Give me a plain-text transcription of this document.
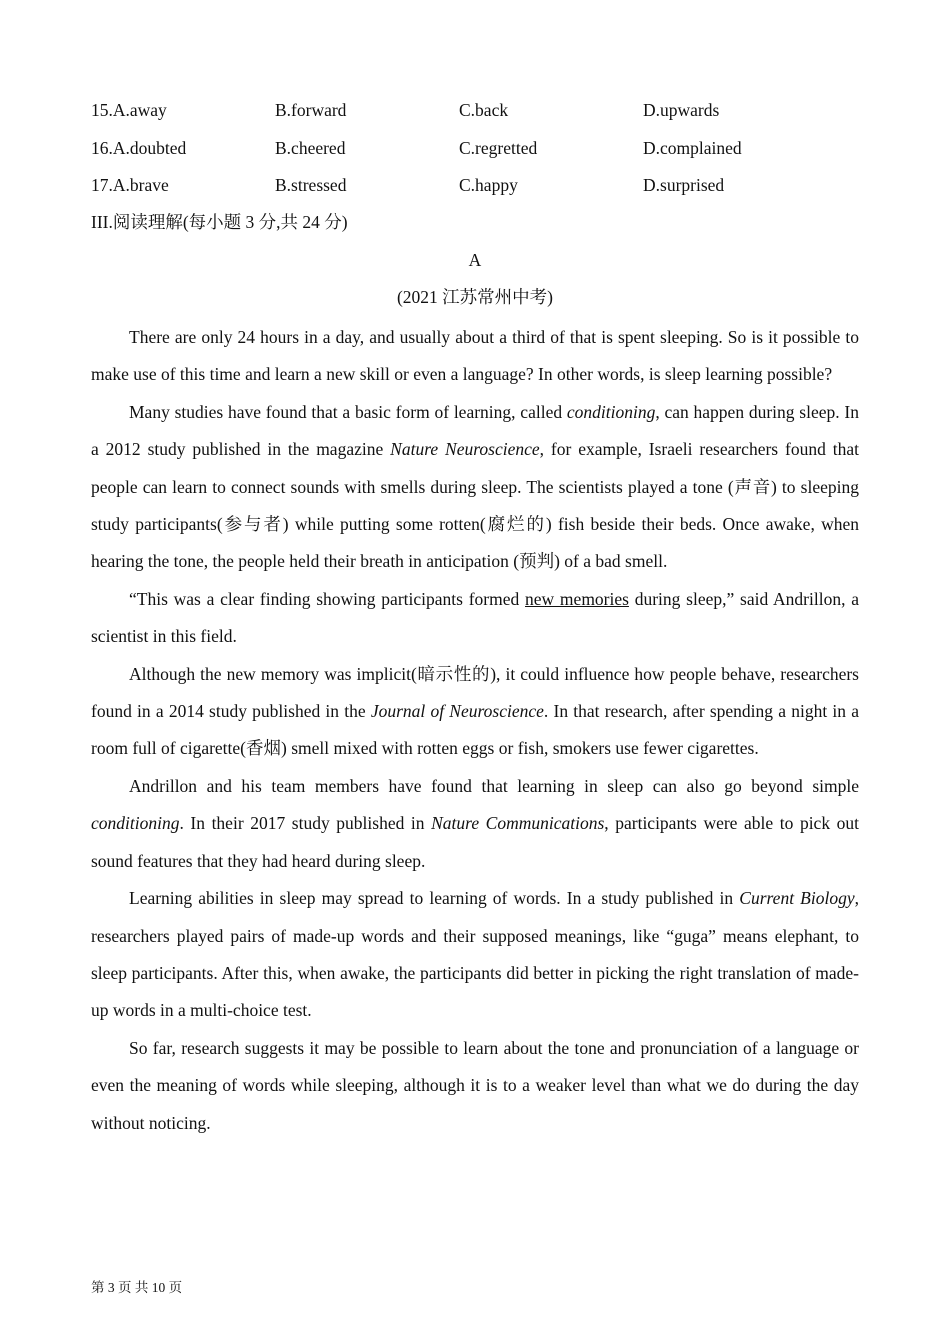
15.A.away	B.forward	C.back	D.upwards
16.A.doubted	B.cheered	C.regretted	D.complained
17.A.brave	B.stressed	C.happy	D.surprised
III.阅读理解(每小题 3 分,共 24 分)
A
(2021 江苏常州中考)

There are only 24 hours in a day, and usually about a third of that is spent sleeping. So is it possible to make use of this time and learn a new skill or even a language? In other words, is sleep learning possible?

Many studies have found that a basic form of learning, called conditioning, can happen during sleep. In a 2012 study published in the magazine Nature Neuroscience, for example, Israeli researchers found that people can learn to connect sounds with smells during sleep. The scientists played a tone (声音) to sleeping study participants(参与者) while putting some rotten(腐烂的) fish beside their beds. Once awake, when hearing the tone, the people held their breath in anticipation (预判) of a bad smell.

“This was a clear finding showing participants formed new memories during sleep,” said Andrillon, a scientist in this field.

Although the new memory was implicit(暗示性的), it could influence how people behave, researchers found in a 2014 study published in the Journal of Neuroscience. In that research, after spending a night in a room full of cigarette(香烟) smell mixed with rotten eggs or fish, smokers use fewer cigarettes.

Andrillon and his team members have found that learning in sleep can also go beyond simple conditioning. In their 2017 study published in Nature Communications, participants were able to pick out sound features that they had heard during sleep.

Learning abilities in sleep may spread to learning of words. In a study published in Current Biology, researchers played pairs of made-up words and their supposed meanings, like “guga” means elephant, to sleep participants. After this, when awake, the participants did better in picking the right translation of made-up words in a multi-choice test.

So far, research suggests it may be possible to learn about the tone and pronunciation of a language or even the meaning of words while sleeping, although it is to a weaker level than what we do during the day without noticing.

第 3 页 共 10 页
